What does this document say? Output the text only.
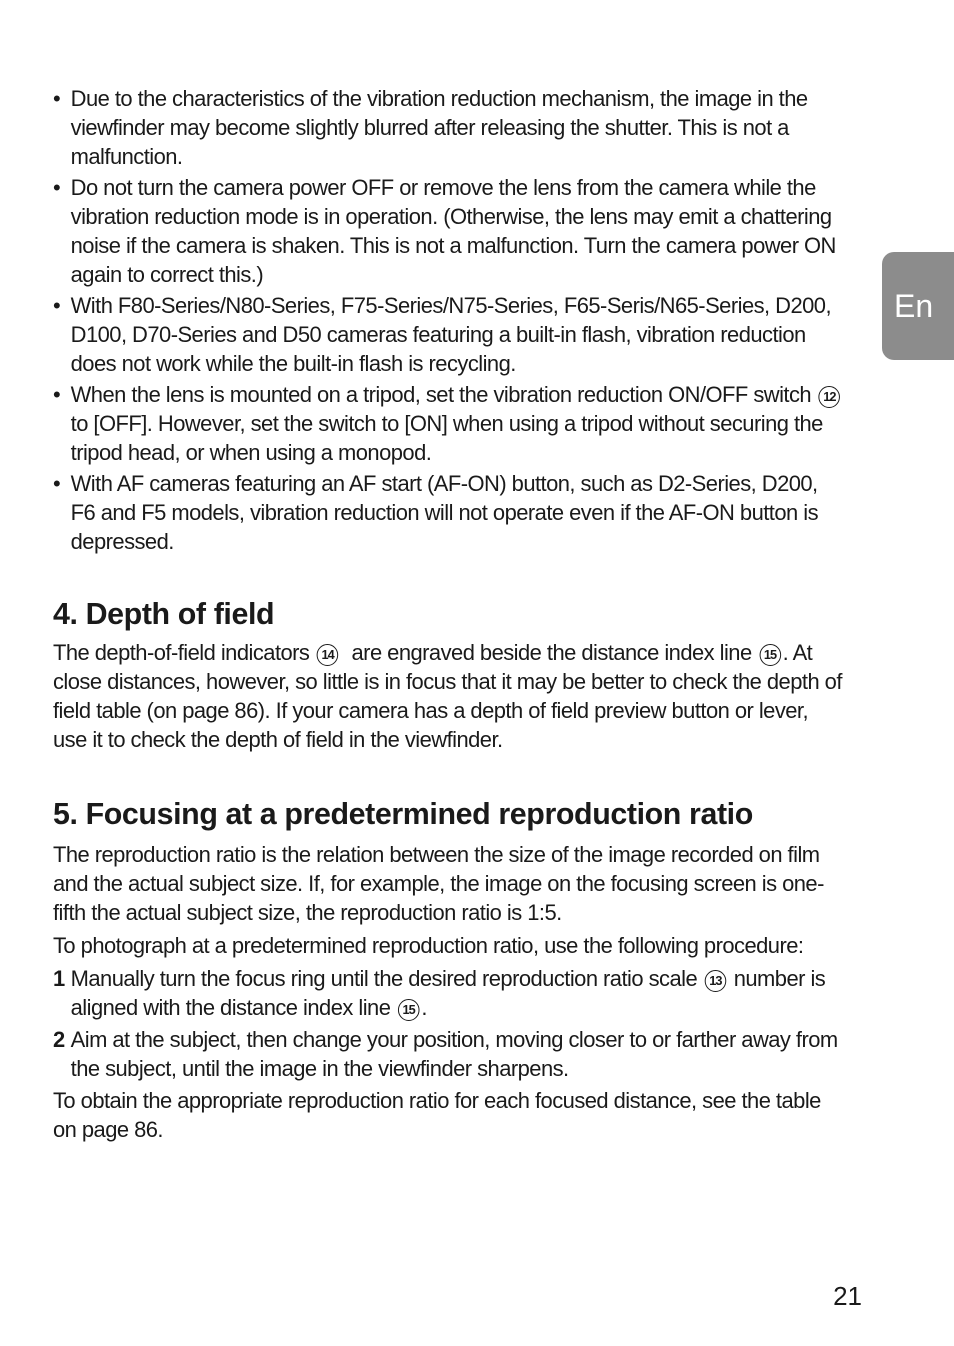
En
• Due to the characteristics of the vibration reduction mechanism, the image in the viewfinder may become slightly blurred after releasing the shutter. This is not a malfunction.
• Do not turn the camera power OFF or remove the lens from the camera while the vibration reduction mode is in operation. (Otherwise, the lens may emit a chattering noise if the camera is shaken. This is not a malfunction. Turn the camera power ON again to correct this.)
• With F80-Series/N80-Series, F75-Series/N75-Series, F65-Seris/N65-Series, D200, D100, D70-Series and D50 cameras featuring a built-in flash, vibration reduction does not work while the built-in flash is recycling.
• When the lens is mounted on a tripod, set the vibration reduction ON/OFF switch 12 to [OFF]. However, set the switch to [ON] when using a tripod without securing the tripod head, or when using a monopod.
• With AF cameras featuring an AF start (AF-ON) button, such as D2-Series, D200, F6 and F5 models, vibration reduction will not operate even if the AF-ON button is depressed.
4. Depth of field

The depth-of-field indicators 14 are engraved beside the distance index line 15 . At close distances, however, so little is in focus that it may be better to check the depth of field table (on page 86). If your camera has a depth of field preview button or lever, use it to check the depth of field in the viewfinder.

5. Focusing at a predetermined reproduction ratio

The reproduction ratio is the relation between the size of the image recorded on film and the actual subject size. If, for example, the image on the focusing screen is one-fifth the actual subject size, the reproduction ratio is 1:5.

To photograph at a predetermined reproduction ratio, use the following procedure:

1 Manually turn the focus ring until the desired reproduction ratio scale 13 number is aligned with the distance index line 15 .
2 Aim at the subject, then change your position, moving closer to or farther away from the subject, until the image in the viewfinder sharpens.

To obtain the appropriate reproduction ratio for each focused distance, see the table on page 86.

21
